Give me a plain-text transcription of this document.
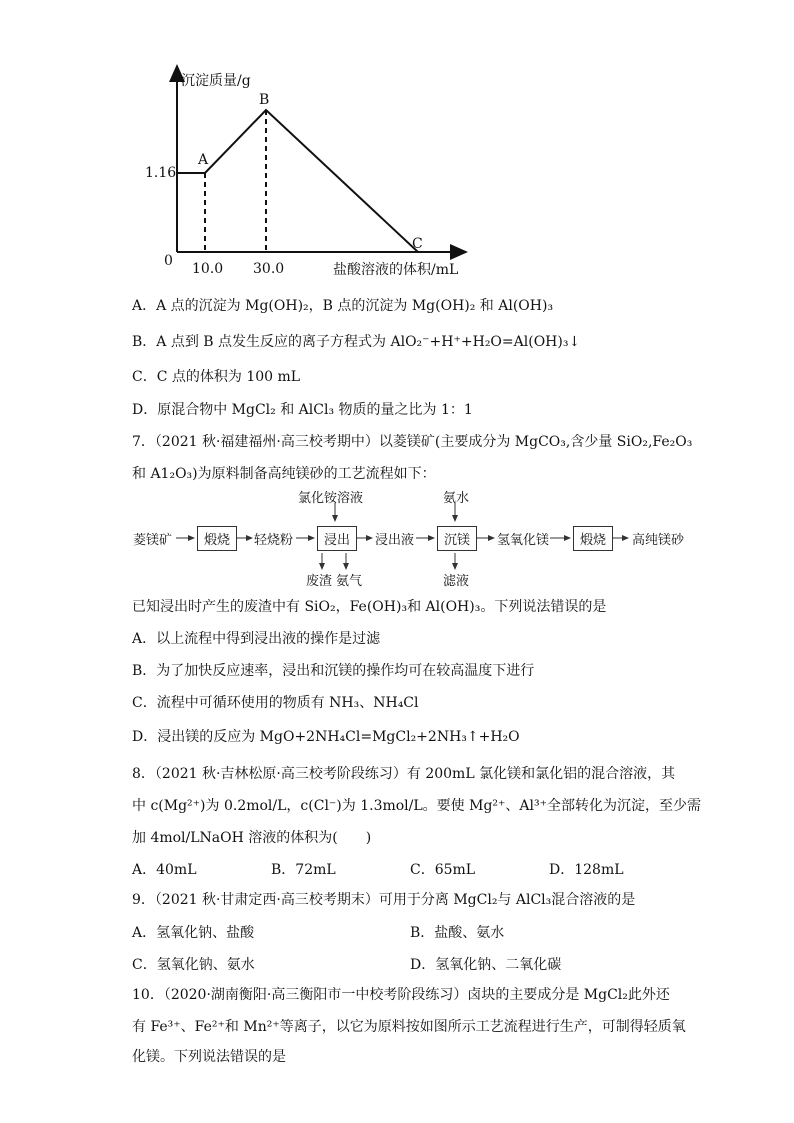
沉淀质量/g
1.16
0 10.0 30.0	盐酸溶液的体积/mL
A
B
C
A．A 点的沉淀为 Mg(OH)₂，B 点的沉淀为 Mg(OH)₂ 和 Al(OH)₃
B．A 点到 B 点发生反应的离子方程式为 AlO₂⁻+H⁺+H₂O=Al(OH)₃↓
C．C 点的体积为 100 mL
D．原混合物中 MgCl₂ 和 AlCl₃ 物质的量之比为 1：1
7．（2021 秋·福建福州·高三校考期中）以菱镁矿(主要成分为 MgCO₃,含少量 SiO₂,Fe₂O₃
和 A1₂O₃)为原料制备高纯镁砂的工艺流程如下：
菱镁矿	煅烧	轻烧粉	浸出
氯化铵溶液
废渣 氨气
浸出液	沉镁
氨水
滤液
氢氧化镁	煅烧	高纯镁砂
已知浸出时产生的废渣中有 SiO₂，Fe(OH)₃和 Al(OH)₃。下列说法错误的是
A．以上流程中得到浸出液的操作是过滤
B．为了加快反应速率，浸出和沉镁的操作均可在较高温度下进行
C．流程中可循环使用的物质有 NH₃、NH₄Cl
D．浸出镁的反应为 MgO+2NH₄Cl=MgCl₂+2NH₃↑+H₂O
8．（2021 秋·吉林松原·高三校考阶段练习）有 200mL 氯化镁和氯化铝的混合溶液，其
中 c(Mg²⁺)为 0.2mol/L，c(Cl⁻)为 1.3mol/L。要使 Mg²⁺、Al³⁺全部转化为沉淀，至少需
加 4mol/LNaOH 溶液的体积为(　　)
A．40mL	B．72mL	C．65mL	D．128mL
9．（2021 秋·甘肃定西·高三校考期末）可用于分离 MgCl₂与 AlCl₃混合溶液的是
A．氢氧化钠、盐酸	B．盐酸、氨水
C．氢氧化钠、氨水	D．氢氧化钠、二氧化碳
10．（2020·湖南衡阳·高三衡阳市一中校考阶段练习）卤块的主要成分是 MgCl₂此外还
有 Fe³⁺、Fe²⁺和 Mn²⁺等离子，以它为原料按如图所示工艺流程进行生产，可制得轻质氧
化镁。下列说法错误的是
